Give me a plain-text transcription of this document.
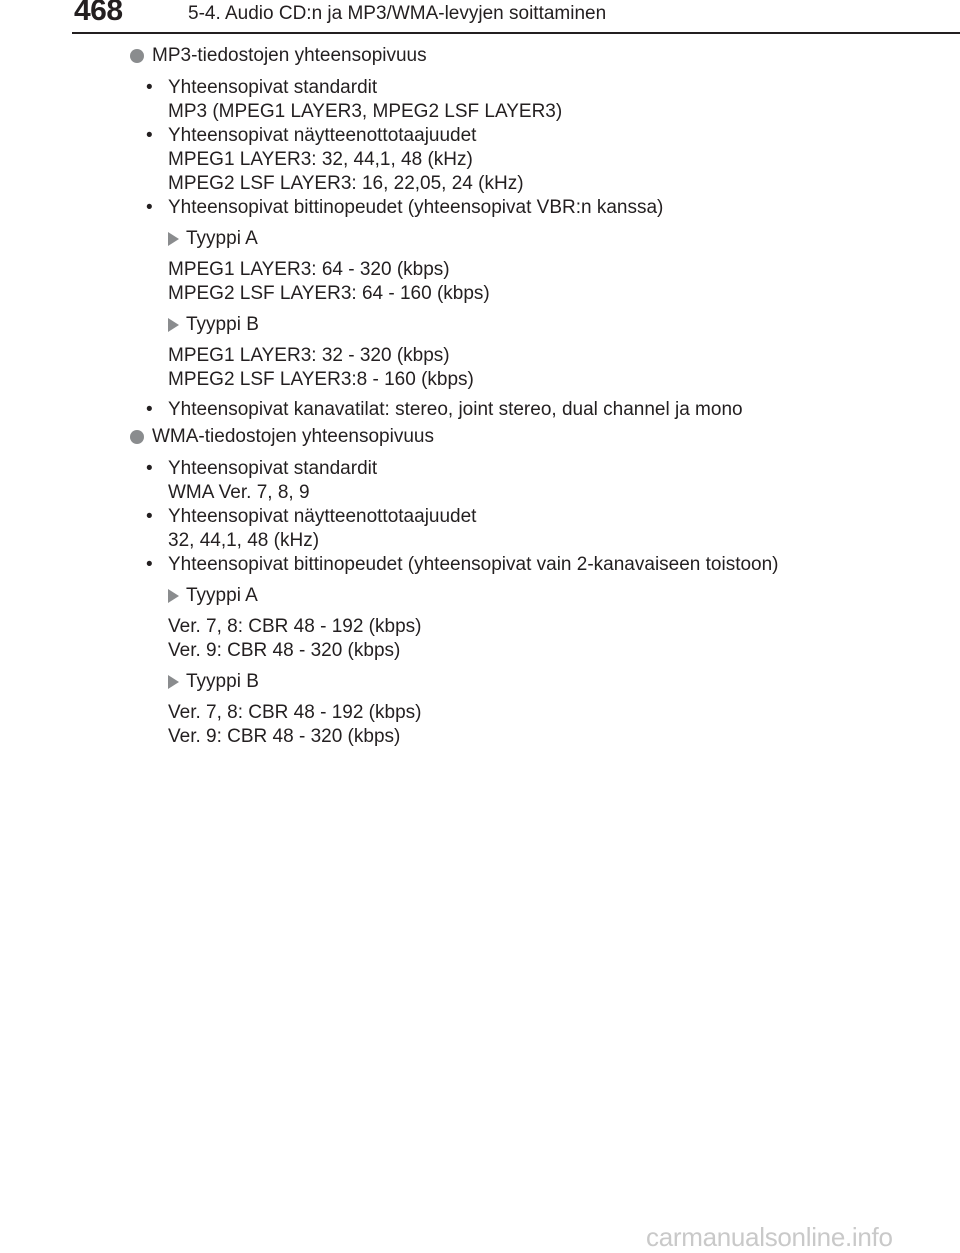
468	5-4. Audio CD:n ja MP3/WMA-levyjen soittaminen
MP3-tiedostojen yhteensopivuus
• Yhteensopivat standardit
MP3 (MPEG1 LAYER3, MPEG2 LSF LAYER3)
• Yhteensopivat näytteenottotaajuudet
MPEG1 LAYER3: 32, 44,1, 48 (kHz)
MPEG2 LSF LAYER3: 16, 22,05, 24 (kHz)
• Yhteensopivat bittinopeudet (yhteensopivat VBR:n kanssa)
Tyyppi A
MPEG1 LAYER3: 64 - 320 (kbps)
MPEG2 LSF LAYER3: 64 - 160 (kbps)
Tyyppi B
MPEG1 LAYER3: 32 - 320 (kbps)
MPEG2 LSF LAYER3:8 - 160 (kbps)
• Yhteensopivat kanavatilat: stereo, joint stereo, dual channel ja mono
WMA-tiedostojen yhteensopivuus
• Yhteensopivat standardit
WMA Ver. 7, 8, 9
• Yhteensopivat näytteenottotaajuudet
32, 44,1, 48 (kHz)
• Yhteensopivat bittinopeudet (yhteensopivat vain 2-kanavaiseen toistoon)
Tyyppi A
Ver. 7, 8: CBR 48 - 192 (kbps)
Ver. 9: CBR 48 - 320 (kbps)
Tyyppi B
Ver. 7, 8: CBR 48 - 192 (kbps)
Ver. 9: CBR 48 - 320 (kbps)
carmanualsonline.info
